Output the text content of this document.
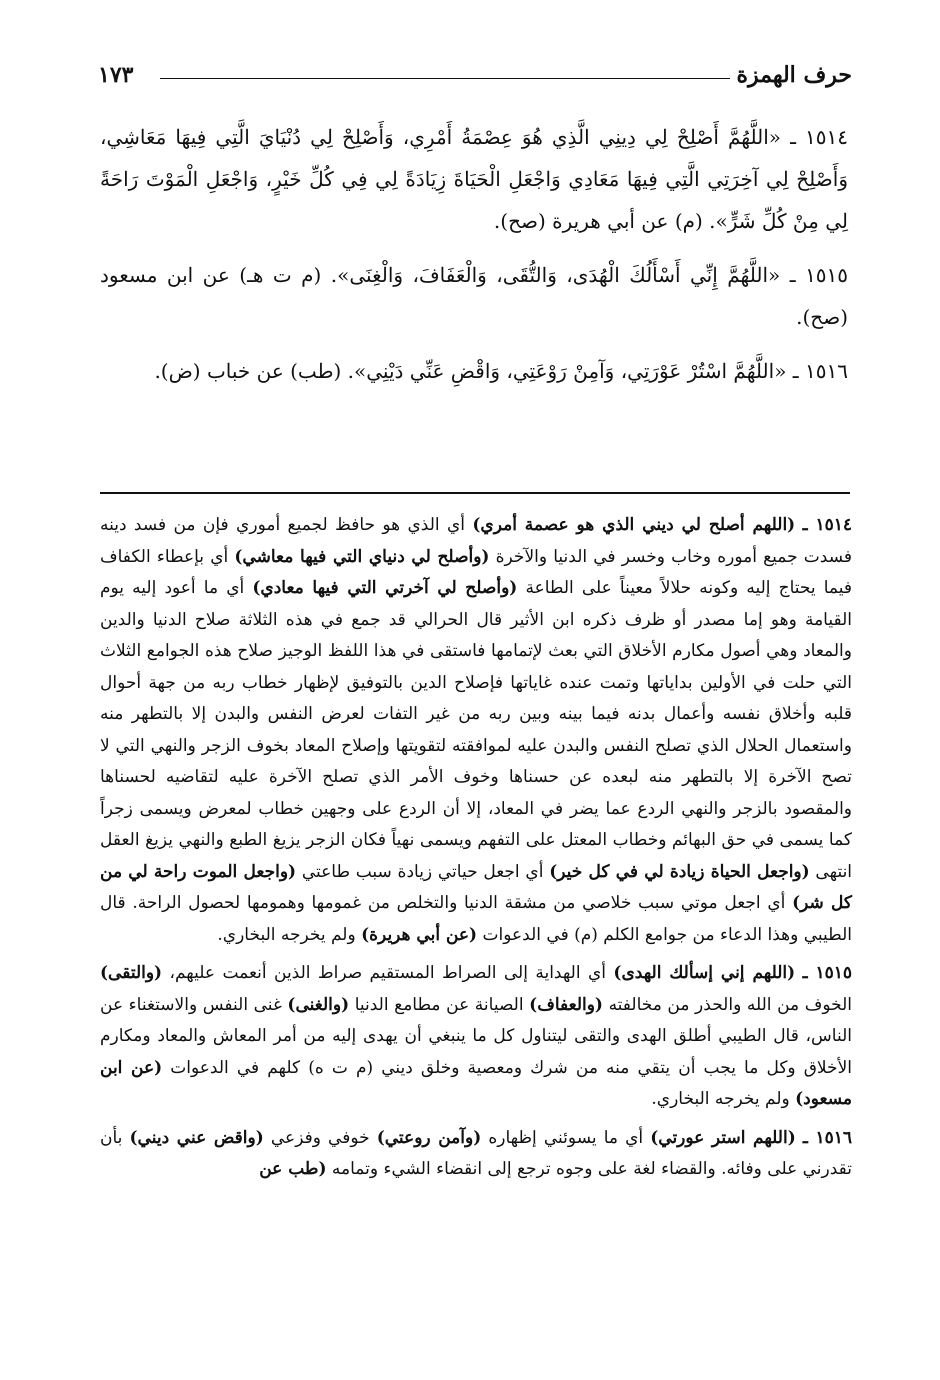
١٧٣	حرف الهمزة

١٥١٤ ـ «اللَّهُمَّ أَصْلِحْ لِي دِينِي الَّذِي هُوَ عِصْمَةُ أَمْرِي، وَأَصْلِحْ لِي دُنْيَايَ الَّتِي فِيهَا مَعَاشِي، وَأَصْلِحْ لِي آخِرَتِي الَّتِي فِيهَا مَعَادِي وَاجْعَلِ الْحَيَاةَ زِيَادَةً لِي فِي كُلِّ خَيْرٍ، وَاجْعَلِ الْمَوْتَ رَاحَةً لِي مِنْ كُلِّ شَرٍّ». (م) عن أبي هريرة (صح).

١٥١٥ ـ «اللَّهُمَّ إِنِّي أَسْأَلُكَ الْهُدَى، وَالتُّقَى، وَالْعَفَافَ، وَالْغِنَى». (م ت هـ) عن ابن مسعود (صح).

١٥١٦ ـ «اللَّهُمَّ اسْتُرْ عَوْرَتِي، وَآمِنْ رَوْعَتِي، وَاقْضِ عَنِّي دَيْنِي». (طب) عن خباب (ض).

١٥١٤ ـ (اللهم أصلح لي ديني الذي هو عصمة أمري) أي الذي هو حافظ لجميع أموري فإن من فسد دينه فسدت جميع أموره وخاب وخسر في الدنيا والآخرة (وأصلح لي دنياي التي فيها معاشي) أي بإعطاء الكفاف فيما يحتاج إليه وكونه حلالاً معيناً على الطاعة (وأصلح لي آخرتي التي فيها معادي) أي ما أعود إليه يوم القيامة وهو إما مصدر أو ظرف ذكره ابن الأثير قال الحرالي قد جمع في هذه الثلاثة صلاح الدنيا والدين والمعاد وهي أصول مكارم الأخلاق التي بعث لإتمامها فاستقى في هذا اللفظ الوجيز صلاح هذه الجوامع الثلاث التي حلت في الأولين بداياتها وتمت عنده غاياتها فإصلاح الدين بالتوفيق لإظهار خطاب ربه من جهة أحوال قلبه وأخلاق نفسه وأعمال بدنه فيما بينه وبين ربه من غير التفات لعرض النفس والبدن إلا بالتطهر منه واستعمال الحلال الذي تصلح النفس والبدن عليه لموافقته لتقويتها وإصلاح المعاد بخوف الزجر والنهي التي لا تصح الآخرة إلا بالتطهر منه لبعده عن حسناها وخوف الأمر الذي تصلح الآخرة عليه لتقاضيه لحسناها والمقصود بالزجر والنهي الردع عما يضر في المعاد، إلا أن الردع على وجهين خطاب لمعرض ويسمى زجراً كما يسمى في حق البهائم وخطاب المعتل على التفهم ويسمى نهياً فكان الزجر يزيغ الطبع والنهي يزيغ العقل انتهى (واجعل الحياة زيادة لي في كل خير) أي اجعل حياتي زيادة سبب طاعتي (واجعل الموت راحة لي من كل شر) أي اجعل موتي سبب خلاصي من مشقة الدنيا والتخلص من غمومها وهمومها لحصول الراحة. قال الطيبي وهذا الدعاء من جوامع الكلم (م) في الدعوات (عن أبي هريرة) ولم يخرجه البخاري.

١٥١٥ ـ (اللهم إني إسألك الهدى) أي الهداية إلى الصراط المستقيم صراط الذين أنعمت عليهم، (والتقى) الخوف من الله والحذر من مخالفته (والعفاف) الصيانة عن مطامع الدنيا (والغنى) غنى النفس والاستغناء عن الناس، قال الطيبي أطلق الهدى والتقى ليتناول كل ما ينبغي أن يهدى إليه من أمر المعاش والمعاد ومكارم الأخلاق وكل ما يجب أن يتقي منه من شرك ومعصية وخلق ديني (م ت ه) كلهم في الدعوات (عن ابن مسعود) ولم يخرجه البخاري.

١٥١٦ ـ (اللهم استر عورتي) أي ما يسوئني إظهاره (وآمن روعتي) خوفي وفزعي (واقض عني ديني) بأن تقدرني على وفائه. والقضاء لغة على وجوه ترجع إلى انقضاء الشيء وتمامه (طب عن
